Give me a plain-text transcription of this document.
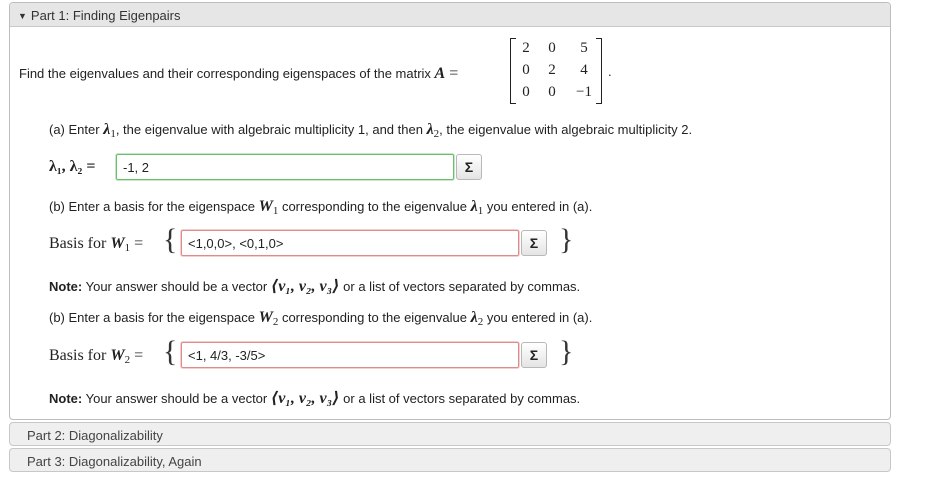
▼ Part 1: Finding Eigenpairs
Find the eigenvalues and their corresponding eigenspaces of the matrix A =
2	0	5
0	2	4
0	0	−1
.
(a) Enter $\lambda_1$, the eigenvalue with algebraic multiplicity 1, and then $\lambda_2$, the eigenvalue with algebraic multiplicity 2.
λ₁, λ₂ =	-1, 2	Σ
(b) Enter a basis for the eigenspace $W_1$ corresponding to the eigenvalue $\lambda_1$ you entered in (a).
Basis for $W_1$ = { <1,0,0>, <0,1,0>	Σ }
Note: Your answer should be a vector ⟨v₁, v₂, v₃⟩ or a list of vectors separated by commas.
(b) Enter a basis for the eigenspace $W_2$ corresponding to the eigenvalue $\lambda_2$ you entered in (a).
Basis for $W_2$ = { <1, 4/3, -3/5>	Σ }
Note: Your answer should be a vector ⟨v₁, v₂, v₃⟩ or a list of vectors separated by commas.
Part 2: Diagonalizability
Part 3: Diagonalizability, Again
